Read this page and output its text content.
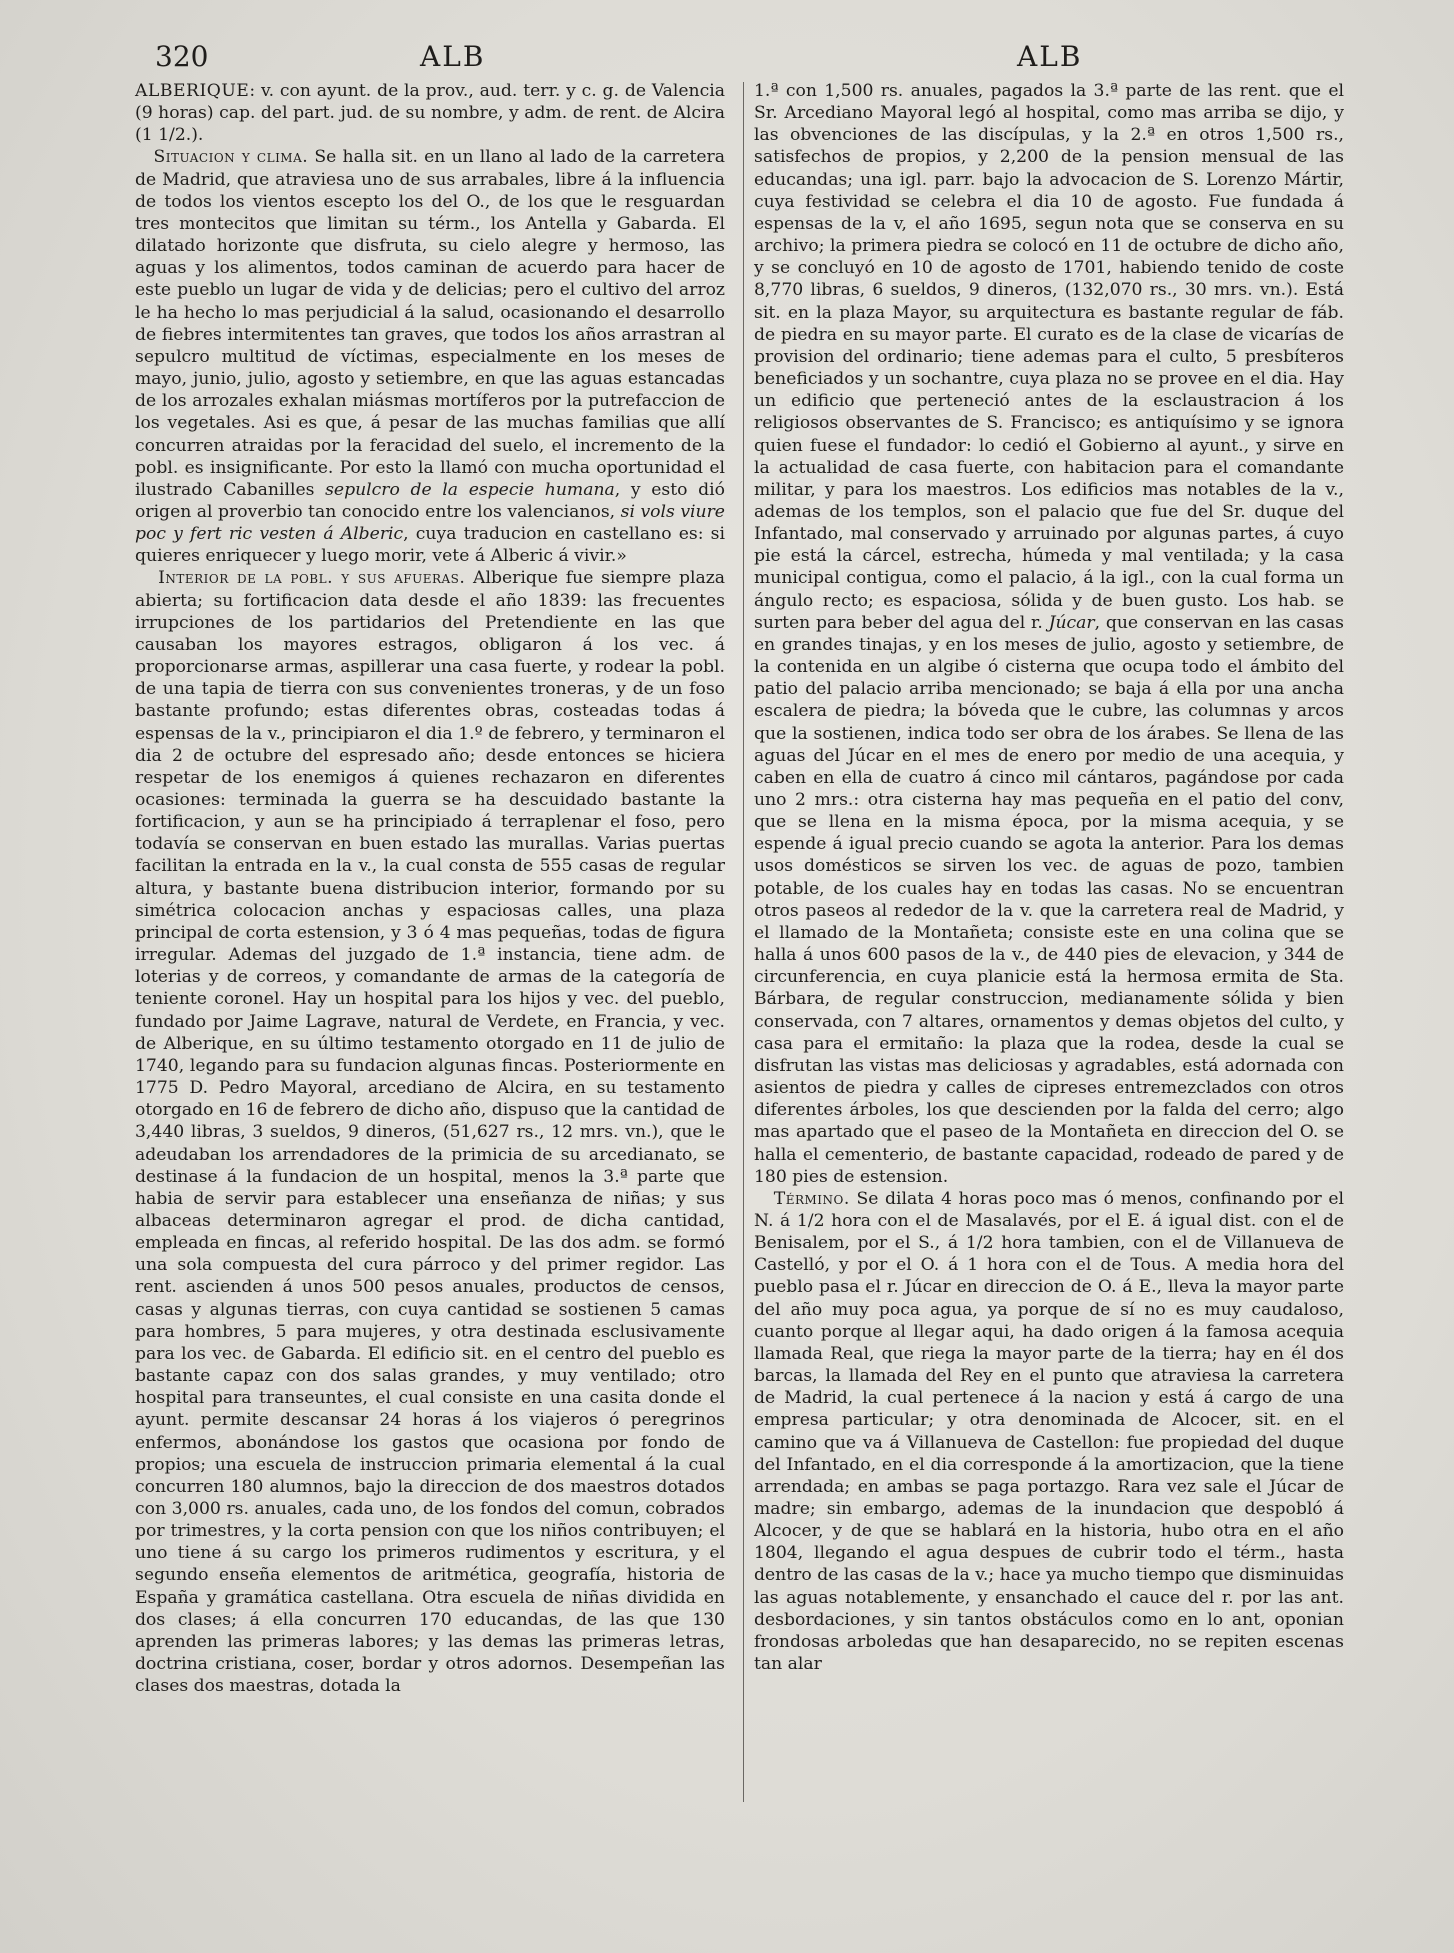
320	ALB	ALB

ALBERIQUE: v. con ayunt. de la prov., aud. terr. y c. g. de Valencia (9 horas) cap. del part. jud. de su nombre, y adm. de rent. de Alcira (1 1/2.).

Situacion y clima. Se halla sit. en un llano al lado de la carretera de Madrid, que atraviesa uno de sus arrabales, libre á la influencia de todos los vientos escepto los del O., de los que le resguardan tres montecitos que limitan su térm., los Antella y Gabarda. El dilatado horizonte que disfruta, su cielo alegre y hermoso, las aguas y los alimentos, todos caminan de acuerdo para hacer de este pueblo un lugar de vida y de delicias; pero el cultivo del arroz le ha hecho lo mas perjudicial á la salud, ocasionando el desarrollo de fiebres intermitentes tan graves, que todos los años arrastran al sepulcro multitud de víctimas, especialmente en los meses de mayo, junio, julio, agosto y setiembre, en que las aguas estancadas de los arrozales exhalan miásmas mortíferos por la putrefaccion de los vegetales. Asi es que, á pesar de las muchas familias que allí concurren atraidas por la feracidad del suelo, el incremento de la pobl. es insignificante. Por esto la llamó con mucha oportunidad el ilustrado Cabanilles sepulcro de la especie humana, y esto dió origen al proverbio tan conocido entre los valencianos, si vols viure poc y fert ric vesten á Alberic, cuya traducion en castellano es: si quieres enriquecer y luego morir, vete á Alberic á vivir.»

Interior de la pobl. y sus afueras. Alberique fue siempre plaza abierta; su fortificacion data desde el año 1839: las frecuentes irrupciones de los partidarios del Pretendiente en las que causaban los mayores estragos, obligaron á los vec. á proporcionarse armas, aspillerar una casa fuerte, y rodear la pobl. de una tapia de tierra con sus convenientes troneras, y de un foso bastante profundo; estas diferentes obras, costeadas todas á espensas de la v., principiaron el dia 1.º de febrero, y terminaron el dia 2 de octubre del espresado año; desde entonces se hiciera respetar de los enemigos á quienes rechazaron en diferentes ocasiones: terminada la guerra se ha descuidado bastante la fortificacion, y aun se ha principiado á terraplenar el foso, pero todavía se conservan en buen estado las murallas. Varias puertas facilitan la entrada en la v., la cual consta de 555 casas de regular altura, y bastante buena distribucion interior, formando por su simétrica colocacion anchas y espaciosas calles, una plaza principal de corta estension, y 3 ó 4 mas pequeñas, todas de figura irregular. Ademas del juzgado de 1.ª instancia, tiene adm. de loterias y de correos, y comandante de armas de la categoría de teniente coronel. Hay un hospital para los hijos y vec. del pueblo, fundado por Jaime Lagrave, natural de Verdete, en Francia, y vec. de Alberique, en su último testamento otorgado en 11 de julio de 1740, legando para su fundacion algunas fincas. Posteriormente en 1775 D. Pedro Mayoral, arcediano de Alcira, en su testamento otorgado en 16 de febrero de dicho año, dispuso que la cantidad de 3,440 libras, 3 sueldos, 9 dineros, (51,627 rs., 12 mrs. vn.), que le adeudaban los arrendadores de la primicia de su arcedianato, se destinase á la fundacion de un hospital, menos la 3.ª parte que habia de servir para establecer una enseñanza de niñas; y sus albaceas determinaron agregar el prod. de dicha cantidad, empleada en fincas, al referido hospital. De las dos adm. se formó una sola compuesta del cura párroco y del primer regidor. Las rent. ascienden á unos 500 pesos anuales, productos de censos, casas y algunas tierras, con cuya cantidad se sostienen 5 camas para hombres, 5 para mujeres, y otra destinada esclusivamente para los vec. de Gabarda. El edificio sit. en el centro del pueblo es bastante capaz con dos salas grandes, y muy ventilado; otro hospital para transeuntes, el cual consiste en una casita donde el ayunt. permite descansar 24 horas á los viajeros ó peregrinos enfermos, abonándose los gastos que ocasiona por fondo de propios; una escuela de instruccion primaria elemental á la cual concurren 180 alumnos, bajo la direccion de dos maestros dotados con 3,000 rs. anuales, cada uno, de los fondos del comun, cobrados por trimestres, y la corta pension con que los niños contribuyen; el uno tiene á su cargo los primeros rudimentos y escritura, y el segundo enseña elementos de aritmética, geografía, historia de España y gramática castellana. Otra escuela de niñas dividida en dos clases; á ella concurren 170 educandas, de las que 130 aprenden las primeras labores; y las demas las primeras letras, doctrina cristiana, coser, bordar y otros adornos. Desempeñan las clases dos maestras, dotada la

1.ª con 1,500 rs. anuales, pagados la 3.ª parte de las rent. que el Sr. Arcediano Mayoral legó al hospital, como mas arriba se dijo, y las obvenciones de las discípulas, y la 2.ª en otros 1,500 rs., satisfechos de propios, y 2,200 de la pension mensual de las educandas; una igl. parr. bajo la advocacion de S. Lorenzo Mártir, cuya festividad se celebra el dia 10 de agosto. Fue fundada á espensas de la v, el año 1695, segun nota que se conserva en su archivo; la primera piedra se colocó en 11 de octubre de dicho año, y se concluyó en 10 de agosto de 1701, habiendo tenido de coste 8,770 libras, 6 sueldos, 9 dineros, (132,070 rs., 30 mrs. vn.). Está sit. en la plaza Mayor, su arquitectura es bastante regular de fáb. de piedra en su mayor parte. El curato es de la clase de vicarías de provision del ordinario; tiene ademas para el culto, 5 presbíteros beneficiados y un sochantre, cuya plaza no se provee en el dia. Hay un edificio que perteneció antes de la esclaustracion á los religiosos observantes de S. Francisco; es antiquísimo y se ignora quien fuese el fundador: lo cedió el Gobierno al ayunt., y sirve en la actualidad de casa fuerte, con habitacion para el comandante militar, y para los maestros. Los edificios mas notables de la v., ademas de los templos, son el palacio que fue del Sr. duque del Infantado, mal conservado y arruinado por algunas partes, á cuyo pie está la cárcel, estrecha, húmeda y mal ventilada; y la casa municipal contigua, como el palacio, á la igl., con la cual forma un ángulo recto; es espaciosa, sólida y de buen gusto. Los hab. se surten para beber del agua del r. Júcar, que conservan en las casas en grandes tinajas, y en los meses de julio, agosto y setiembre, de la contenida en un algibe ó cisterna que ocupa todo el ámbito del patio del palacio arriba mencionado; se baja á ella por una ancha escalera de piedra; la bóveda que le cubre, las columnas y arcos que la sostienen, indica todo ser obra de los árabes. Se llena de las aguas del Júcar en el mes de enero por medio de una acequia, y caben en ella de cuatro á cinco mil cántaros, pagándose por cada uno 2 mrs.: otra cisterna hay mas pequeña en el patio del conv, que se llena en la misma época, por la misma acequia, y se espende á igual precio cuando se agota la anterior. Para los demas usos domésticos se sirven los vec. de aguas de pozo, tambien potable, de los cuales hay en todas las casas. No se encuentran otros paseos al rededor de la v. que la carretera real de Madrid, y el llamado de la Montañeta; consiste este en una colina que se halla á unos 600 pasos de la v., de 440 pies de elevacion, y 344 de circunferencia, en cuya planicie está la hermosa ermita de Sta. Bárbara, de regular construccion, medianamente sólida y bien conservada, con 7 altares, ornamentos y demas objetos del culto, y casa para el ermitaño: la plaza que la rodea, desde la cual se disfrutan las vistas mas deliciosas y agradables, está adornada con asientos de piedra y calles de cipreses entremezclados con otros diferentes árboles, los que descienden por la falda del cerro; algo mas apartado que el paseo de la Montañeta en direccion del O. se halla el cementerio, de bastante capacidad, rodeado de pared y de 180 pies de estension.

Término. Se dilata 4 horas poco mas ó menos, confinando por el N. á 1/2 hora con el de Masalavés, por el E. á igual dist. con el de Benisalem, por el S., á 1/2 hora tambien, con el de Villanueva de Castelló, y por el O. á 1 hora con el de Tous. A media hora del pueblo pasa el r. Júcar en direccion de O. á E., lleva la mayor parte del año muy poca agua, ya porque de sí no es muy caudaloso, cuanto porque al llegar aqui, ha dado origen á la famosa acequia llamada Real, que riega la mayor parte de la tierra; hay en él dos barcas, la llamada del Rey en el punto que atraviesa la carretera de Madrid, la cual pertenece á la nacion y está á cargo de una empresa particular; y otra denominada de Alcocer, sit. en el camino que va á Villanueva de Castellon: fue propiedad del duque del Infantado, en el dia corresponde á la amortizacion, que la tiene arrendada; en ambas se paga portazgo. Rara vez sale el Júcar de madre; sin embargo, ademas de la inundacion que despobló á Alcocer, y de que se hablará en la historia, hubo otra en el año 1804, llegando el agua despues de cubrir todo el térm., hasta dentro de las casas de la v.; hace ya mucho tiempo que disminuidas las aguas notablemente, y ensanchado el cauce del r. por las ant. desbordaciones, y sin tantos obstáculos como en lo ant, oponian frondosas arboledas que han desaparecido, no se repiten escenas tan alar
